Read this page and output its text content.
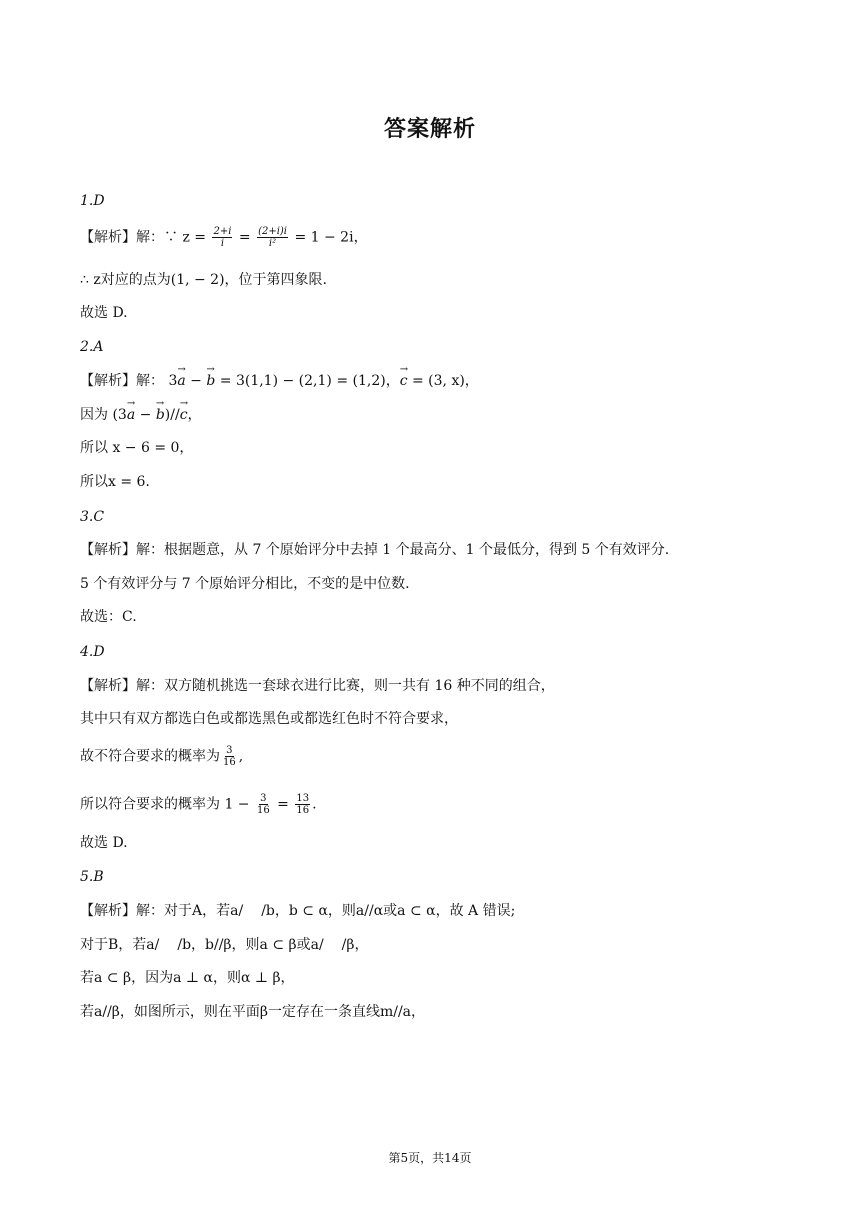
答案解析
1.D
【解析】解：∵ $z = \frac{2+i}{i} = \frac{(2+i)i}{\text{i²}} = 1 - 2i$，
∴ z对应的点为(1, − 2)，位于第四象限.
故选 D.
2.A
【解析】解： 3→ a − → b = 3(1,1) − (2,1) = (1,2)，→ c = (3, x)，
因为 (3→ a − → b)//→ c，
所以 x − 6 = 0，
所以x = 6.
3.C
【解析】解：根据题意，从 7 个原始评分中去掉 1 个最高分、1 个最低分，得到 5 个有效评分.
5 个有效评分与 7 个原始评分相比，不变的是中位数.
故选：C.
4.D
【解析】解：双方随机挑选一套球衣进行比赛，则一共有 16 种不同的组合，
其中只有双方都选白色或都选黑色或都选红色时不符合要求，
故不符合要求的概率为 $\frac{3}{16}$ ,
所以符合要求的概率为 $1 - \frac{3}{16} = \frac{13}{16}$ .
故选 D.
5.B
【解析】解：对于A，若a/ /b，b ⊂ α，则a//α或a ⊂ α，故 A 错误;
对于B，若a/ /b，b//β，则a ⊂ β或a/ /β，
若a ⊂ β，因为a ⊥ α，则α ⊥ β，
若a//β，如图所示，则在平面β一定存在一条直线m//a，
第5页，共14页
